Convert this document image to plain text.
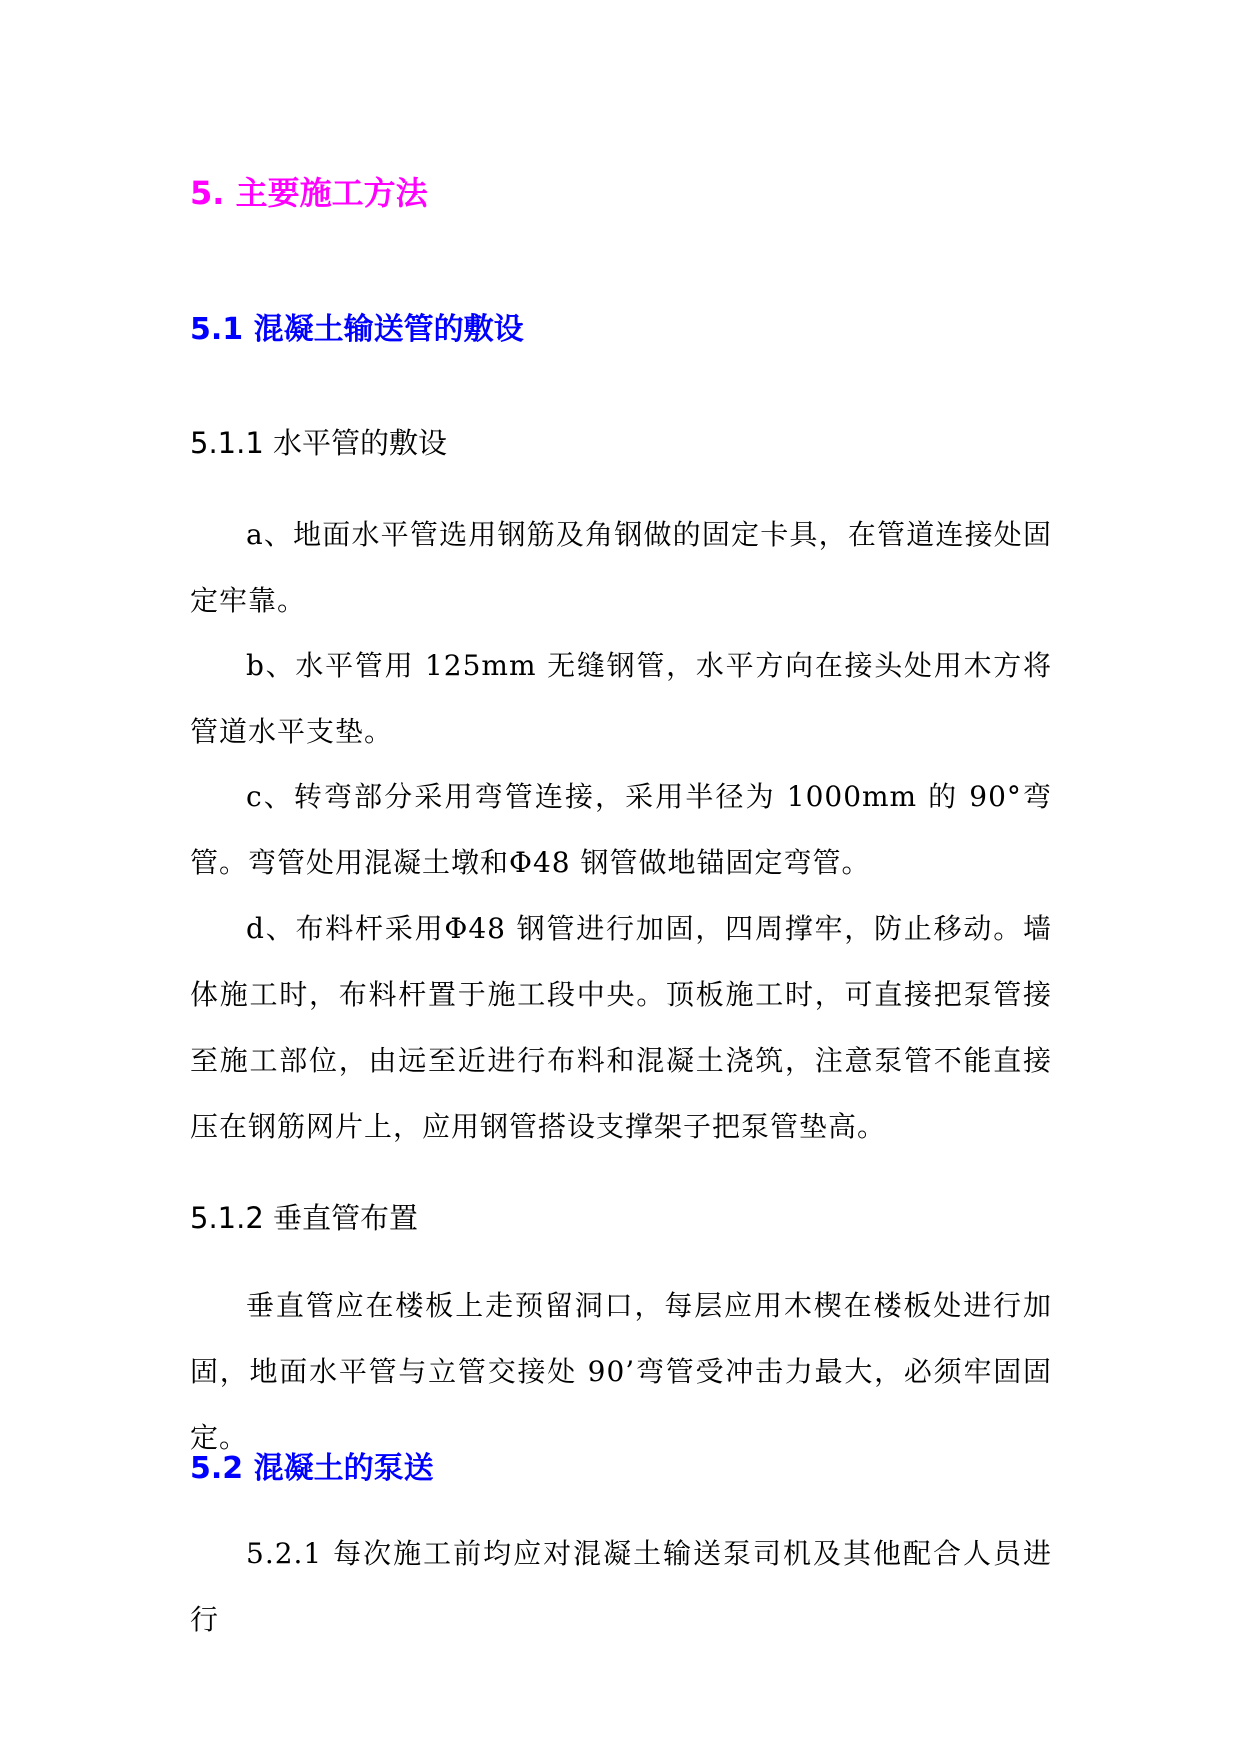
5. 主要施工方法
5.1 混凝土输送管的敷设
5.1.1 水平管的敷设

a、地面水平管选用钢筋及角钢做的固定卡具，在管道连接处固定牢靠。

b、水平管用 125mm 无缝钢管，水平方向在接头处用木方将管道水平支垫。

c、转弯部分采用弯管连接，采用半径为 1000mm 的 90°弯管。弯管处用混凝土墩和Φ48 钢管做地锚固定弯管。

d、布料杆采用Φ48 钢管进行加固，四周撑牢，防止移动。墙体施工时，布料杆置于施工段中央。顶板施工时，可直接把泵管接至施工部位，由远至近进行布料和混凝土浇筑，注意泵管不能直接压在钢筋网片上，应用钢管搭设支撑架子把泵管垫高。

5.1.2 垂直管布置

垂直管应在楼板上走预留洞口，每层应用木楔在楼板处进行加固，地面水平管与立管交接处 90’弯管受冲击力最大，必须牢固固定。

5.2 混凝土的泵送

5.2.1 每次施工前均应对混凝土输送泵司机及其他配合人员进行
